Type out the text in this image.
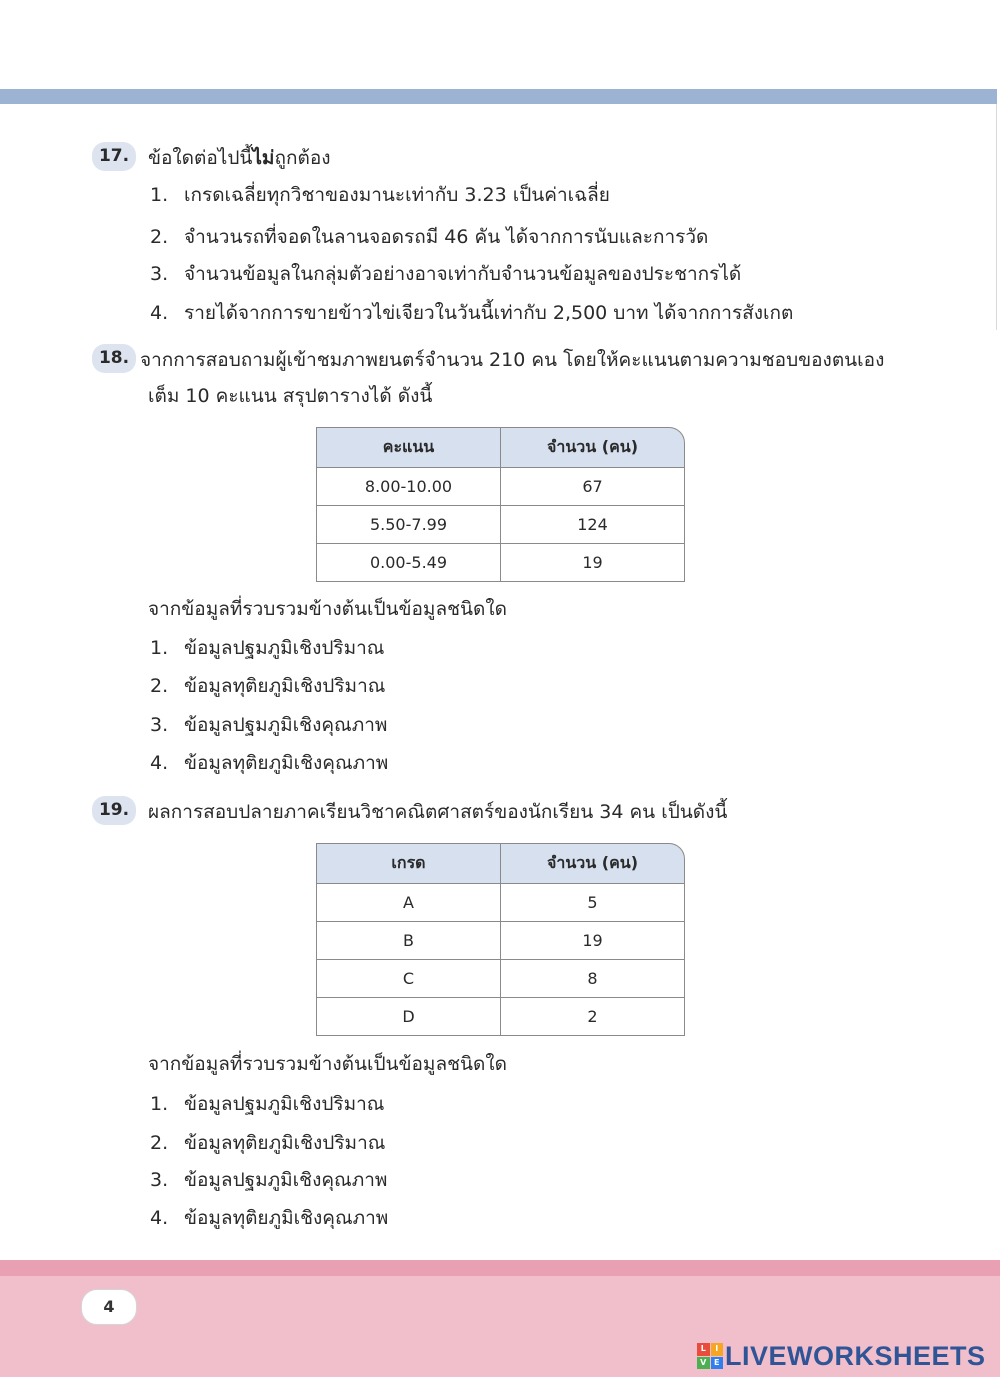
17. ข้อใดต่อไปนี้ไม่ถูกต้อง
1. เกรดเฉลี่ยทุกวิชาของมานะเท่ากับ 3.23 เป็นค่าเฉลี่ย
2. จำนวนรถที่จอดในลานจอดรถมี 46 คัน ได้จากการนับและการวัด
3. จำนวนข้อมูลในกลุ่มตัวอย่างอาจเท่ากับจำนวนข้อมูลของประชากรได้
4. รายได้จากการขายข้าวไข่เจียวในวันนี้เท่ากับ 2,500 บาท ได้จากการสังเกต
18. จากการสอบถามผู้เข้าชมภาพยนตร์จำนวน 210 คน โดยให้คะแนนตามความชอบของตนเอง
เต็ม 10 คะแนน สรุปตารางได้ ดังนี้
คะแนน	จำนวน (คน)
8.00-10.00	67
5.50-7.99	124
0.00-5.49	19
จากข้อมูลที่รวบรวมข้างต้นเป็นข้อมูลชนิดใด
1. ข้อมูลปฐมภูมิเชิงปริมาณ
2. ข้อมูลทุติยภูมิเชิงปริมาณ
3. ข้อมูลปฐมภูมิเชิงคุณภาพ
4. ข้อมูลทุติยภูมิเชิงคุณภาพ
19. ผลการสอบปลายภาคเรียนวิชาคณิตศาสตร์ของนักเรียน 34 คน เป็นดังนี้
เกรด	จำนวน (คน)
A	5
B	19
C	8
D	2
จากข้อมูลที่รวบรวมข้างต้นเป็นข้อมูลชนิดใด
1. ข้อมูลปฐมภูมิเชิงปริมาณ
2. ข้อมูลทุติยภูมิเชิงปริมาณ
3. ข้อมูลปฐมภูมิเชิงคุณภาพ
4. ข้อมูลทุติยภูมิเชิงคุณภาพ
4
L	I
V E LIVEWORKSHEETS
